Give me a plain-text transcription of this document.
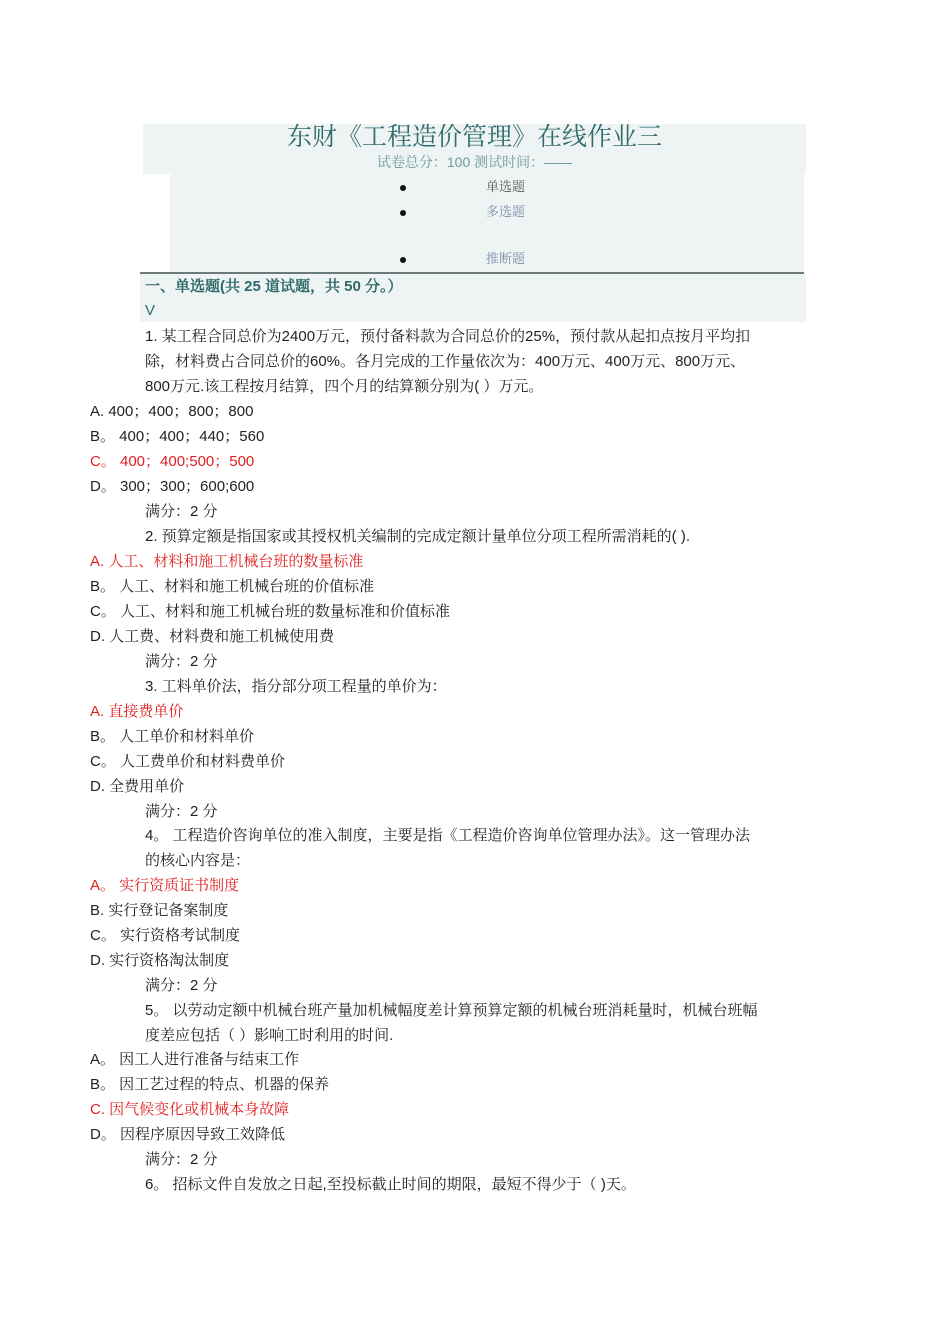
东财《工程造价管理》在线作业三
试卷总分：100 测试时间：——
单选题
多选题
推断题
一、单选题(共 25 道试题，共 50 分。）
V
1. 某工程合同总价为2400万元，预付备料款为合同总价的25%，预付款从起扣点按月平均扣
除，材料费占合同总价的60%。各月完成的工作量依次为：400万元、400万元、800万元、
800万元.该工程按月结算，四个月的结算额分别为( ）万元。
A. 400；400；800；800
B。 400；400；440；560
C。 400；400;500；500
D。 300；300；600;600
满分：2 分
2. 预算定额是指国家或其授权机关编制的完成定额计量单位分项工程所需消耗的( ).
A. 人工、材料和施工机械台班的数量标准
B。 人工、材料和施工机械台班的价值标准
C。 人工、材料和施工机械台班的数量标准和价值标准
D. 人工费、材料费和施工机械使用费
满分：2 分
3. 工料单价法，指分部分项工程量的单价为：
A. 直接费单价
B。 人工单价和材料单价
C。 人工费单价和材料费单价
D. 全费用单价
满分：2 分
4。 工程造价咨询单位的准入制度，主要是指《工程造价咨询单位管理办法》。这一管理办法
的核心内容是：
A。 实行资质证书制度
B. 实行登记备案制度
C。 实行资格考试制度
D. 实行资格淘汰制度
满分：2 分
5。 以劳动定额中机械台班产量加机械幅度差计算预算定额的机械台班消耗量时，机械台班幅
度差应包括（ ）影响工时利用的时间.
A。 因工人进行准备与结束工作
B。 因工艺过程的特点、机器的保养
C. 因气候变化或机械本身故障
D。 因程序原因导致工效降低
满分：2 分
6。 招标文件自发放之日起,至投标截止时间的期限，最短不得少于（ )天。
